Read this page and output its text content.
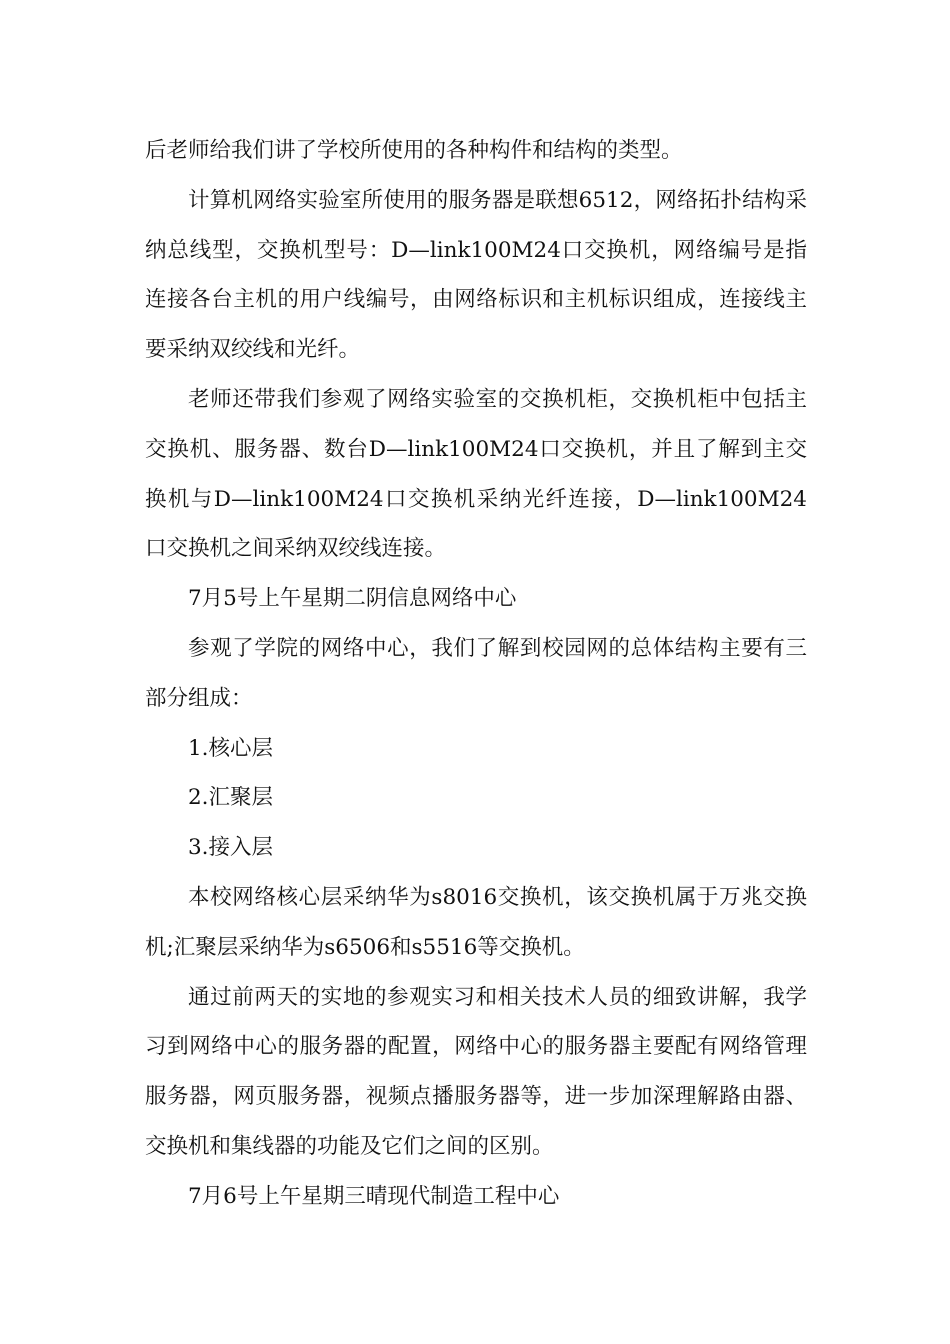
后老师给我们讲了学校所使用的各种构件和结构的类型。

计算机网络实验室所使用的服务器是联想6512，网络拓扑结构采纳总线型，交换机型号：D—link100M24口交换机，网络编号是指连接各台主机的用户线编号，由网络标识和主机标识组成，连接线主要采纳双绞线和光纤。

老师还带我们参观了网络实验室的交换机柜，交换机柜中包括主交换机、服务器、数台D—link100M24口交换机，并且了解到主交换机与D—link100M24口交换机采纳光纤连接，D—link100M24口交换机之间采纳双绞线连接。

7月5号上午星期二阴信息网络中心

参观了学院的网络中心，我们了解到校园网的总体结构主要有三部分组成：

1.核心层

2.汇聚层

3.接入层

本校网络核心层采纳华为s8016交换机，该交换机属于万兆交换机;汇聚层采纳华为s6506和s5516等交换机。

通过前两天的实地的参观实习和相关技术人员的细致讲解，我学习到网络中心的服务器的配置，网络中心的服务器主要配有网络管理服务器，网页服务器，视频点播服务器等，进一步加深理解路由器、交换机和集线器的功能及它们之间的区别。

7月6号上午星期三晴现代制造工程中心
